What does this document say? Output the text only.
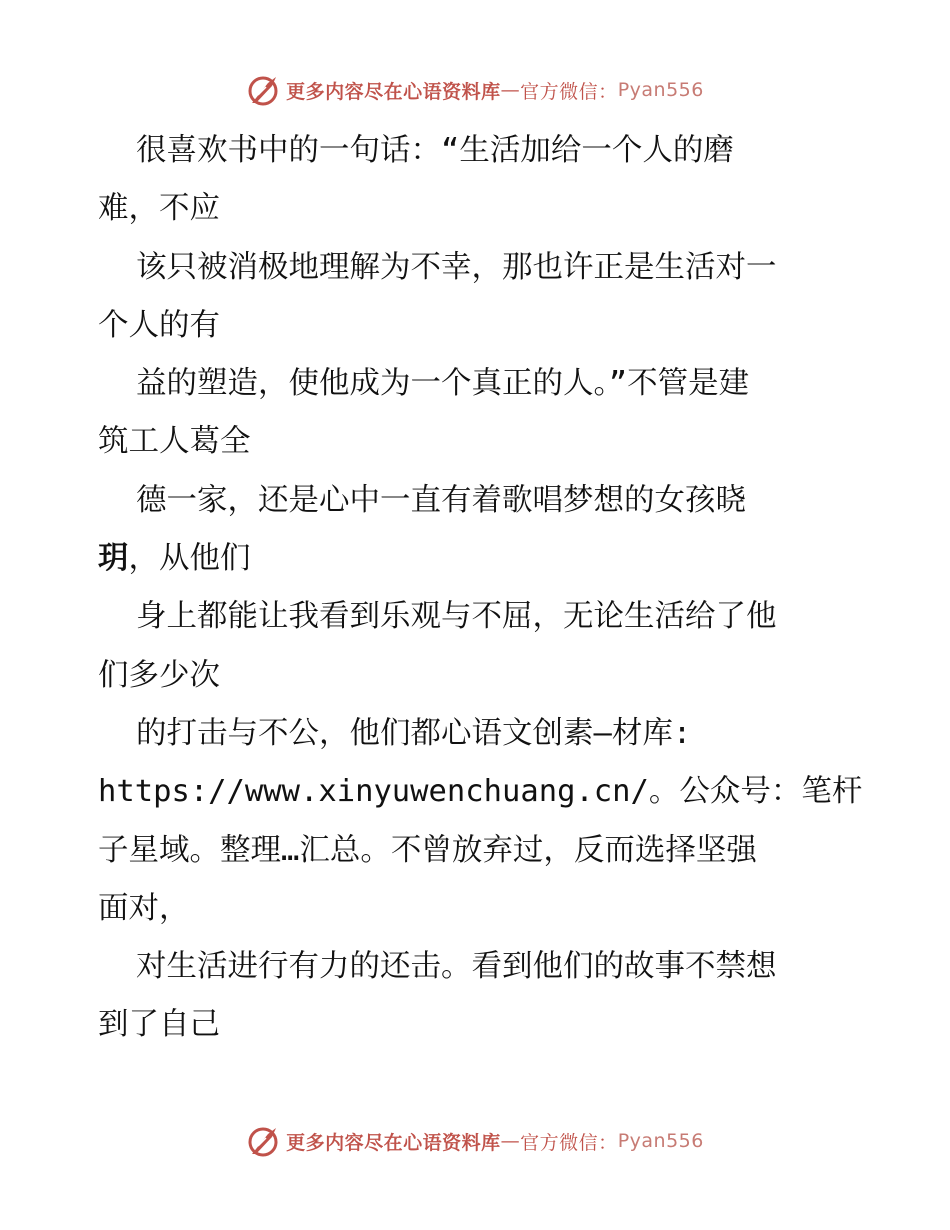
更多内容尽在心语资料库 — 官方微信： Pyan556
很喜欢书中的一句话：“生活加给一个人的磨
难，不应
该只被消极地理解为不幸，那也许正是生活对一
个人的有
益的塑造，使他成为一个真正的人。”不管是建
筑工人葛全
德一家，还是心中一直有着歌唱梦想的女孩晓
玥，从他们
身上都能让我看到乐观与不屈，无论生活给了他
们多少次
的打击与不公，他们都心语文创素—材库:
https://www.xinyuwenchuang.cn/。公众号：笔杆
子星域。整理…汇总。不曾放弃过，反而选择坚强
面对，
对生活进行有力的还击。看到他们的故事不禁想
到了自己
更多内容尽在心语资料库 — 官方微信： Pyan556
